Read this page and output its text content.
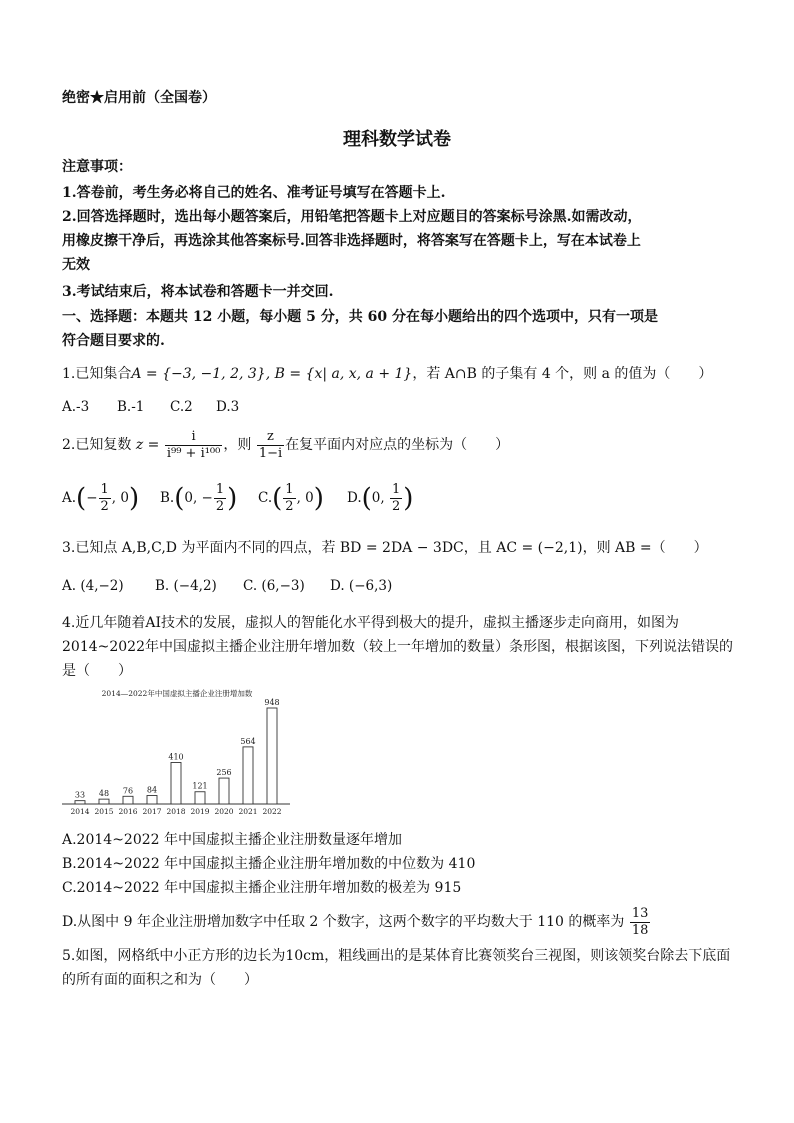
绝密★启用前（全国卷）
理科数学试卷
注意事项：
1.答卷前，考生务必将自己的姓名、准考证号填写在答题卡上.
2.回答选择题时，选出每小题答案后，用铅笔把答题卡上对应题目的答案标号涂黑.如需改动，
用橡皮擦干净后，再选涂其他答案标号.回答非选择题时，将答案写在答题卡上，写在本试卷上
无效
3.考试结束后，将本试卷和答题卡一并交回.
一、选择题：本题共 12 小题，每小题 5 分，共 60 分在每小题给出的四个选项中，只有一项是
符合题目要求的.
1.已知集合A = {−3, −1, 2, 3}, B = {x| a, x, a + 1}，若 A∩B 的子集有 4 个，则 a 的值为（　　）
A.-3 B.-1 C.2 D.3
2.已知复数 $z = \frac{i}{\text{i⁹⁹ + i¹⁰⁰}}$ ，则 $\frac{z}{1-i}$ 在复平面内对应点的坐标为（　　）
$A.(- \frac{1}{2}$ , 0) B.(0, − $\frac{1}{2}$ ) $C.( \frac{1}{2}$ , 0) D.(0, $\frac{1}{2}$ )
3.已知点 A,B,C,D 为平面内不同的四点，若 BD = 2DA − 3DC，且 AC = (−2,1)，则 AB =（　　）
A. (4,−2) B. (−4,2) C. (6,−3) D. (−6,3)
4.近几年随着AI技术的发展，虚拟人的智能化水平得到极大的提升，虚拟主播逐步走向商用，如图为
2014~2022年中国虚拟主播企业注册年增加数（较上一年增加的数量）条形图，根据该图，下列说法错误的
是（　　）
2014—2022年中国虚拟主播企业注册增加数
33
2014
48
2015
76
2016
84
2017
410
2018
121
2019
256
2020
564
2021
948
2022
A.2014~2022 年中国虚拟主播企业注册数量逐年增加
B.2014~2022 年中国虚拟主播企业注册年增加数的中位数为 410
C.2014~2022 年中国虚拟主播企业注册年增加数的极差为 915
D.从图中 9 年企业注册增加数字中任取 2 个数字，这两个数字的平均数大于 110 的概率为 $\frac{13}{18}$
5.如图，网格纸中小正方形的边长为10cm，粗线画出的是某体育比赛领奖台三视图，则该领奖台除去下底面
的所有面的面积之和为（　　）
